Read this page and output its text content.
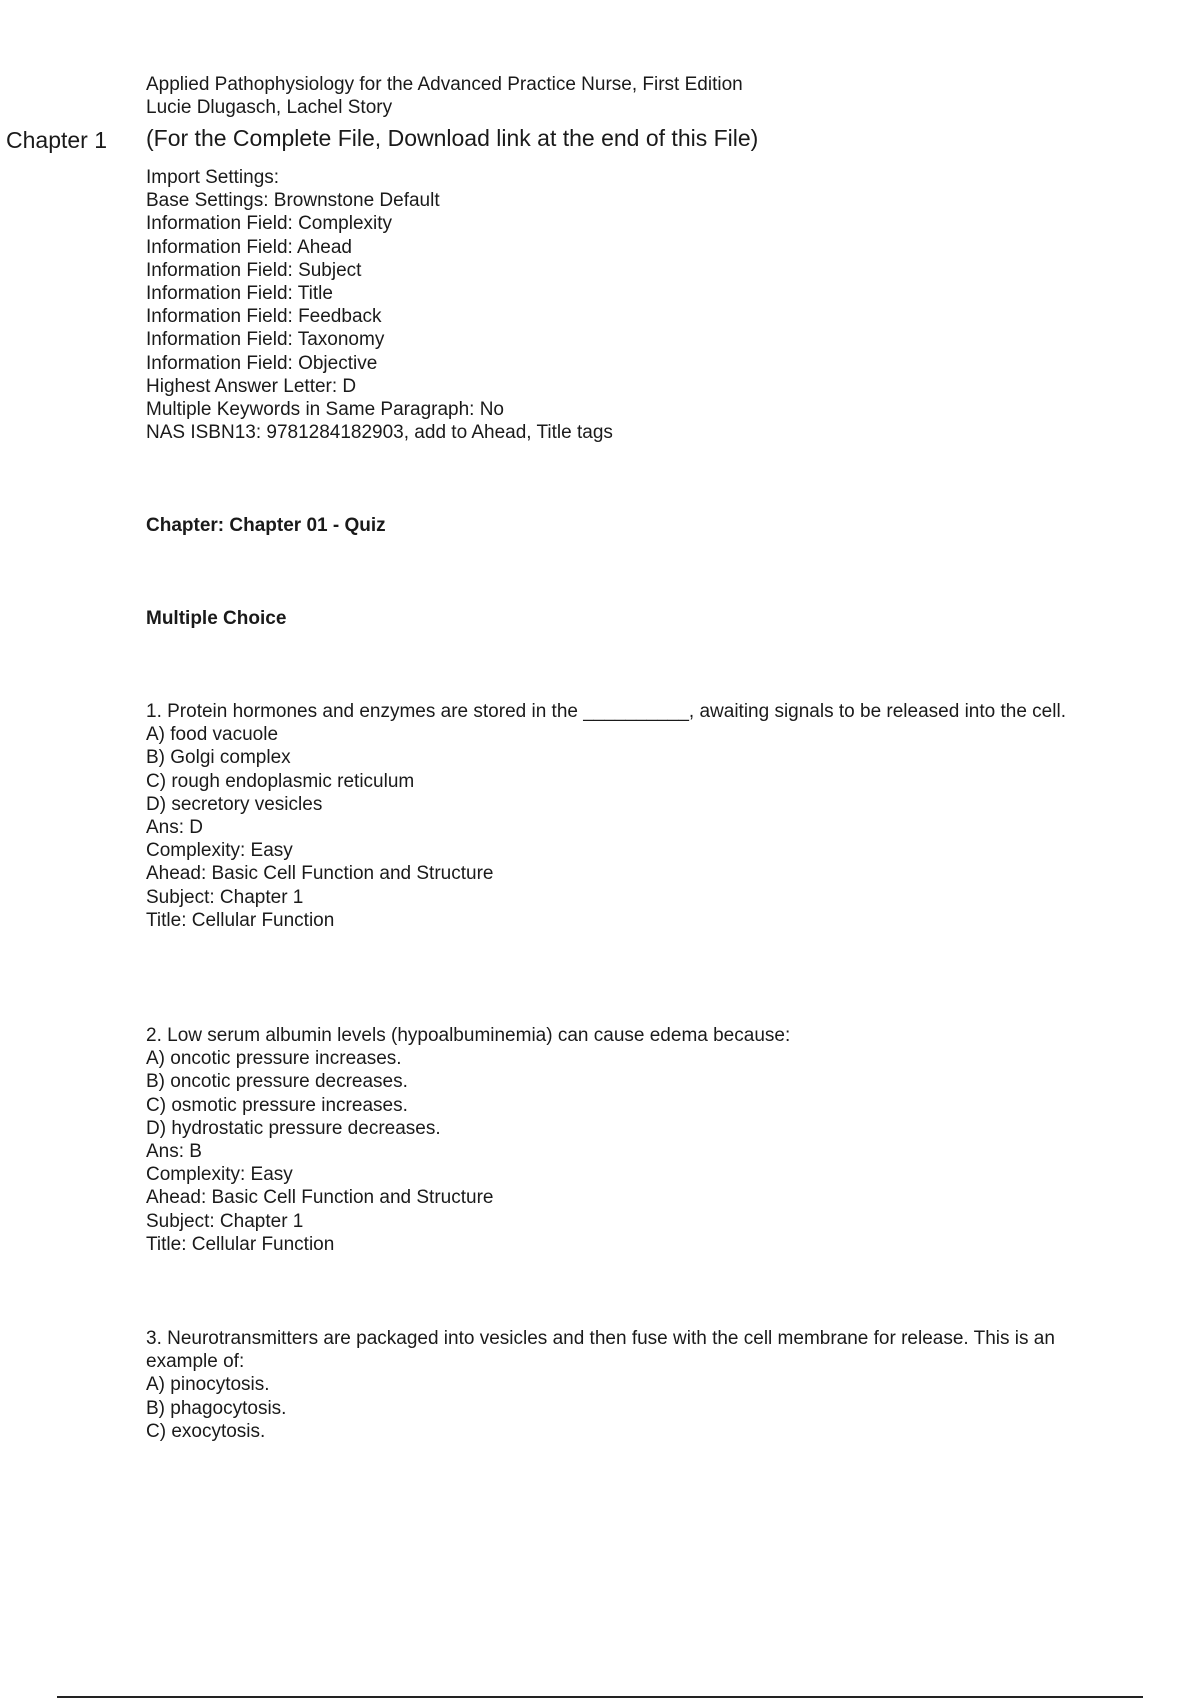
Applied Pathophysiology for the Advanced Practice Nurse, First Edition
Lucie Dlugasch, Lachel Story
Chapter 1 (For the Complete File, Download link at the end of this File)
Import Settings:
Base Settings: Brownstone Default
Information Field: Complexity
Information Field: Ahead
Information Field: Subject
Information Field: Title
Information Field: Feedback
Information Field: Taxonomy
Information Field: Objective
Highest Answer Letter: D
Multiple Keywords in Same Paragraph: No
NAS ISBN13: 9781284182903, add to Ahead, Title tags
Chapter: Chapter 01 - Quiz
Multiple Choice
1. Protein hormones and enzymes are stored in the __________, awaiting signals to be released into the cell.
A) food vacuole
B) Golgi complex
C) rough endoplasmic reticulum
D) secretory vesicles
Ans: D
Complexity: Easy
Ahead: Basic Cell Function and Structure
Subject: Chapter 1
Title: Cellular Function
2. Low serum albumin levels (hypoalbuminemia) can cause edema because:
A) oncotic pressure increases.
B) oncotic pressure decreases.
C) osmotic pressure increases.
D) hydrostatic pressure decreases.
Ans: B
Complexity: Easy
Ahead: Basic Cell Function and Structure
Subject: Chapter 1
Title: Cellular Function
3. Neurotransmitters are packaged into vesicles and then fuse with the cell membrane for release. This is an example of:
A) pinocytosis.
B) phagocytosis.
C) exocytosis.
